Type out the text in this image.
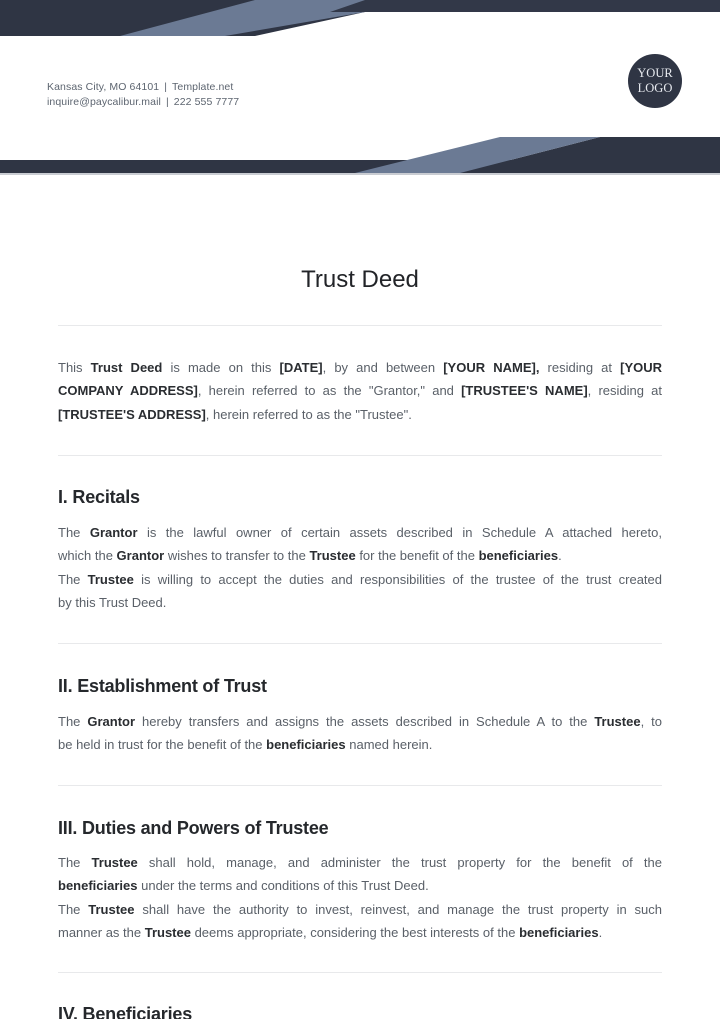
Kansas City, MO 64101 | Template.net
inquire@paycalibur.mail | 222 555 7777
YOUR
LOGO
Trust Deed
This Trust Deed is made on this [DATE], by and between [YOUR NAME], residing at [YOUR
COMPANY ADDRESS], herein referred to as the "Grantor," and [TRUSTEE'S NAME], residing at
[TRUSTEE'S ADDRESS], herein referred to as the "Trustee".
I. Recitals
The Grantor is the lawful owner of certain assets described in Schedule A attached hereto,
which the Grantor wishes to transfer to the Trustee for the benefit of the beneficiaries.
The Trustee is willing to accept the duties and responsibilities of the trustee of the trust created
by this Trust Deed.
II. Establishment of Trust
The Grantor hereby transfers and assigns the assets described in Schedule A to the Trustee, to
be held in trust for the benefit of the beneficiaries named herein.
III. Duties and Powers of Trustee
The Trustee shall hold, manage, and administer the trust property for the benefit of the
beneficiaries under the terms and conditions of this Trust Deed.
The Trustee shall have the authority to invest, reinvest, and manage the trust property in such
manner as the Trustee deems appropriate, considering the best interests of the beneficiaries.
IV. Beneficiaries
